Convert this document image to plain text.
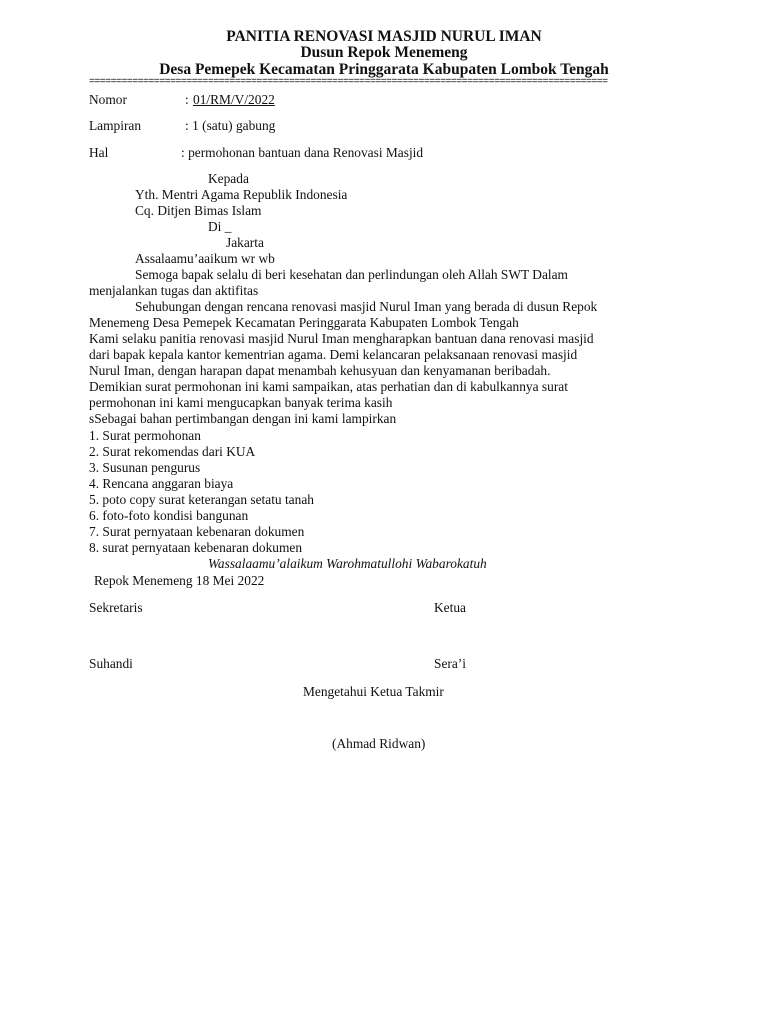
PANITIA RENOVASI MASJID NURUL IMAN
Dusun Repok Menemeng
Desa Pemepek Kecamatan Pringgarata Kabupaten Lombok Tengah
================================================================================================
Nomor	: 01/RM/V/2022
Lampiran	: 1 (satu) gabung
Hal	: permohonan bantuan dana Renovasi Masjid
Kepada
Yth. Mentri Agama Republik Indonesia
Cq. Ditjen Bimas Islam
Di _
Jakarta
Assalaamu’aaikum wr wb
Semoga bapak selalu di beri kesehatan dan perlindungan oleh Allah SWT Dalam
menjalankan tugas dan aktifitas
Sehubungan dengan rencana renovasi masjid Nurul Iman yang berada di dusun Repok
Menemeng Desa Pemepek Kecamatan Peringgarata Kabupaten Lombok Tengah
Kami selaku panitia renovasi masjid Nurul Iman mengharapkan bantuan dana renovasi masjid
dari bapak kepala kantor kementrian agama. Demi kelancaran pelaksanaan renovasi masjid
Nurul Iman, dengan harapan dapat menambah kehusyuan dan kenyamanan beribadah.
Demikian surat permohonan ini kami sampaikan, atas perhatian dan di kabulkannya surat
permohonan ini kami mengucapkan banyak terima kasih
sSebagai bahan pertimbangan dengan ini kami lampirkan
1. Surat permohonan
2. Surat rekomendas dari KUA
3. Susunan pengurus
4. Rencana anggaran biaya
5. poto copy surat keterangan setatu tanah
6. foto-foto kondisi bangunan
7. Surat pernyataan kebenaran dokumen
8. surat pernyataan kebenaran dokumen
Wassalaamu’alaikum Warohmatullohi Wabarokatuh
Repok Menemeng 18 Mei 2022
Sekretaris	Ketua
Suhandi	Sera’i
Mengetahui Ketua Takmir
(Ahmad Ridwan)
